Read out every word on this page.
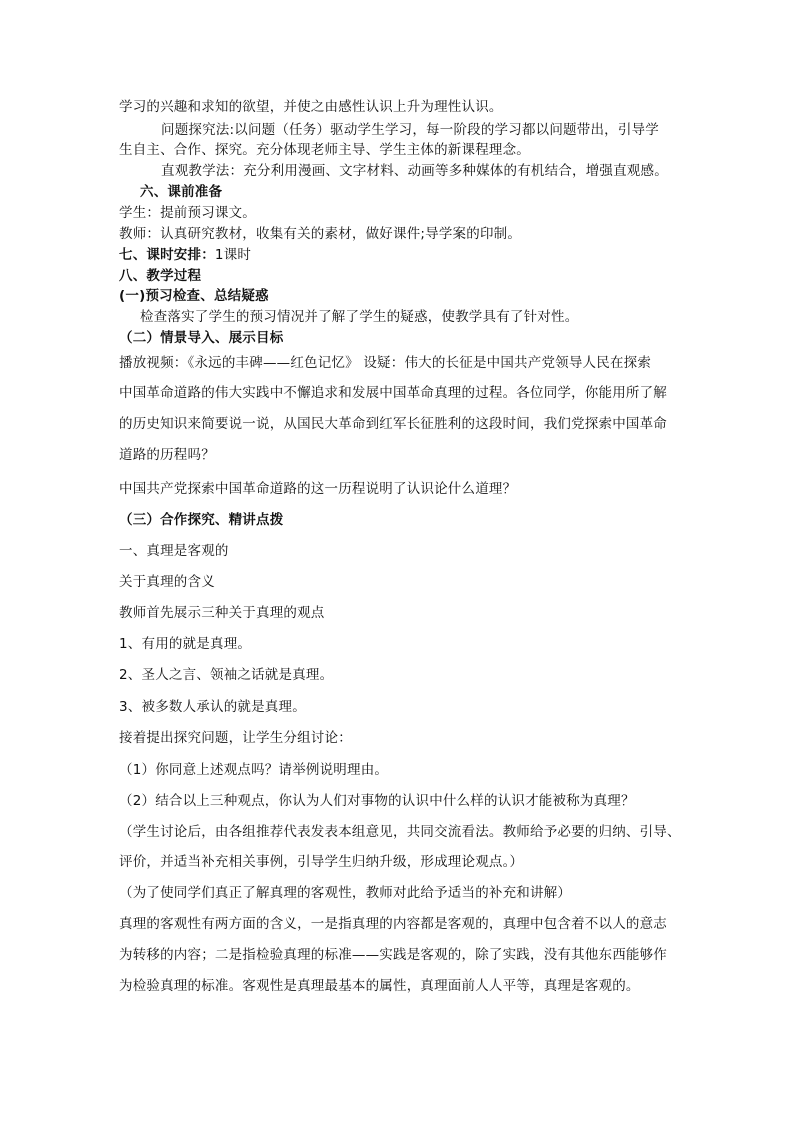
学习的兴趣和求知的欲望，并使之由感性认识上升为理性认识。
问题探究法:以问题（任务）驱动学生学习，每一阶段的学习都以问题带出，引导学
生自主、合作、探究。充分体现老师主导、学生主体的新课程理念。
直观教学法：充分利用漫画、文字材料、动画等多种媒体的有机结合，增强直观感。
六、课前准备
学生：提前预习课文。
教师：认真研究教材，收集有关的素材，做好课件;导学案的印制。
七、课时安排：1课时
八、教学过程
(一)预习检查、总结疑惑
检查落实了学生的预习情况并了解了学生的疑惑，使教学具有了针对性。
（二）情景导入、展示目标
播放视频：《永远的丰碑——红色记忆》 设疑：伟大的长征是中国共产党领导人民在探索
中国革命道路的伟大实践中不懈追求和发展中国革命真理的过程。各位同学，你能用所了解
的历史知识来简要说一说，从国民大革命到红军长征胜利的这段时间，我们党探索中国革命
道路的历程吗？
中国共产党探索中国革命道路的这一历程说明了认识论什么道理？
（三）合作探究、精讲点拨
一、真理是客观的
关于真理的含义
教师首先展示三种关于真理的观点
1、有用的就是真理。
2、圣人之言、领袖之话就是真理。
3、被多数人承认的就是真理。
接着提出探究问题，让学生分组讨论：
（1）你同意上述观点吗？请举例说明理由。
（2）结合以上三种观点，你认为人们对事物的认识中什么样的认识才能被称为真理？
（学生讨论后，由各组推荐代表发表本组意见，共同交流看法。教师给予必要的归纳、引导、
评价，并适当补充相关事例，引导学生归纳升级，形成理论观点。）
（为了使同学们真正了解真理的客观性，教师对此给予适当的补充和讲解）
真理的客观性有两方面的含义，一是指真理的内容都是客观的，真理中包含着不以人的意志
为转移的内容；二是指检验真理的标准——实践是客观的，除了实践，没有其他东西能够作
为检验真理的标准。客观性是真理最基本的属性，真理面前人人平等，真理是客观的。
